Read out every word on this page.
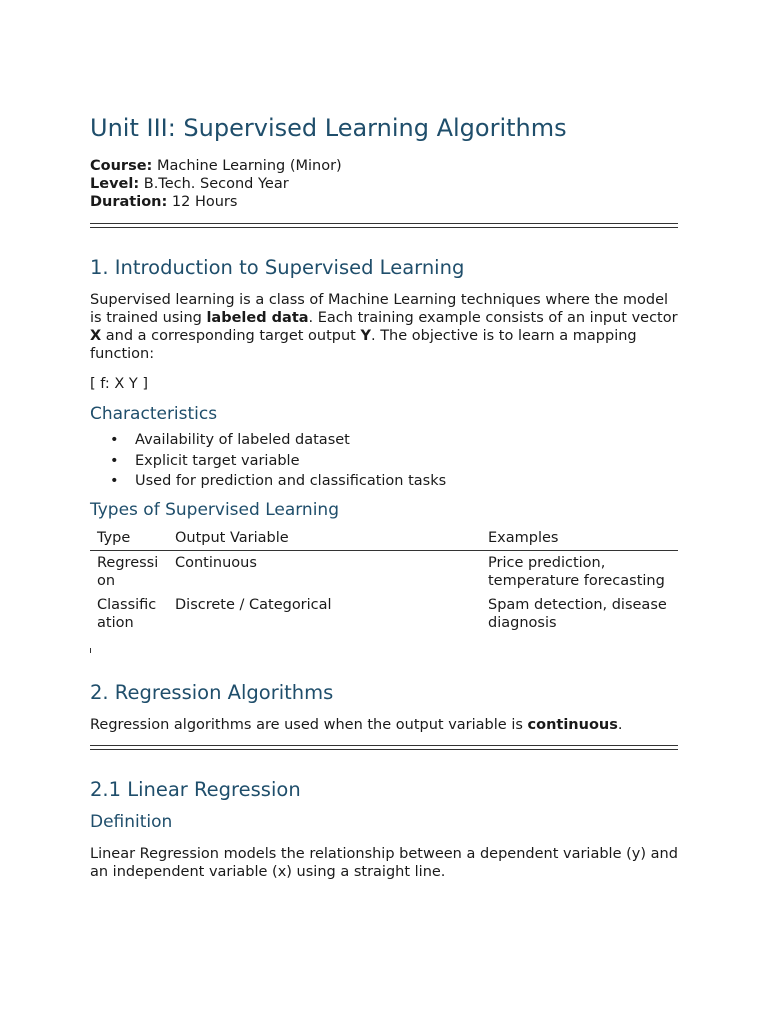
Unit III: Supervised Learning Algorithms
Course: Machine Learning (Minor)
Level: B.Tech. Second Year
Duration: 12 Hours
1. Introduction to Supervised Learning

Supervised learning is a class of Machine Learning techniques where the model is trained using labeled data. Each training example consists of an input vector X and a corresponding target output Y. The objective is to learn a mapping function:

[ f: X Y ]

Characteristics
• Availability of labeled dataset
• Explicit target variable
• Used for prediction and classification tasks
Types of Supervised Learning
Type	Output Variable	Examples
Regression	Continuous	Price prediction, temperature forecasting
Classification	Discrete / Categorical	Spam detection, disease diagnosis
2. Regression Algorithms

Regression algorithms are used when the output variable is continuous.

2.1 Linear Regression
Definition

Linear Regression models the relationship between a dependent variable (y) and an independent variable (x) using a straight line.
